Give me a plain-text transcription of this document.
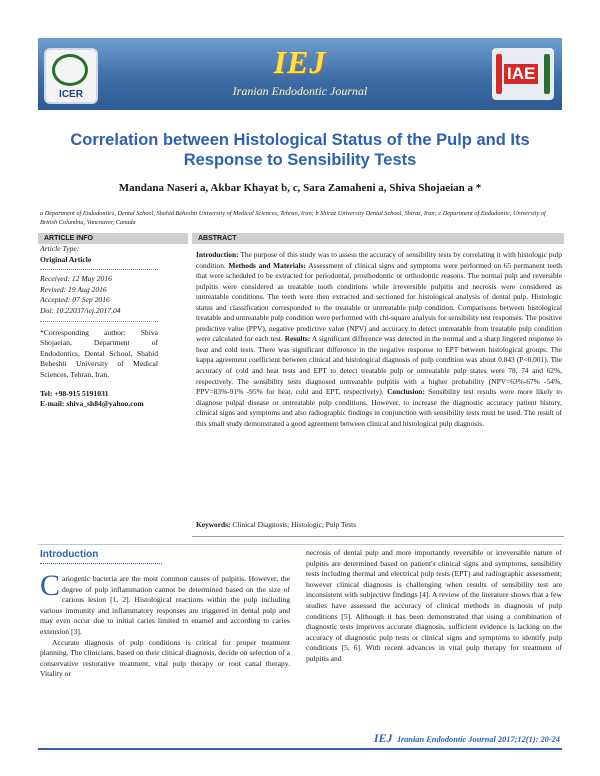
ICER
IEJ
Iranian Endodontic Journal
IAE
Correlation between Histological Status of the Pulp and Its Response to Sensibility Tests
Mandana Naseri a, Akbar Khayat b, c, Sara Zamaheni a, Shiva Shojaeian a *
a Department of Endodontics, Dental School, Shahid Beheshti University of Medical Sciences, Tehran, Iran; b Shiraz University Dental School, Shiraz, Iran; c Department of Endodontic, University of British Columbia, Vancouver, Canada
ARTICLE INFO	ABSTRACT
Article Type:
Original Article
Received: 12 May 2016
Revised: 19 Aug 2016
Accepted: 07 Sep 2016
Doi: 10.22037/iej.2017.04
*Corresponding author: Shiva Shojaeian, Department of Endodontics, Dental School, Shahid Beheshti University of Medical Sciences, Tehran, Iran.
Tel: +98-915 5191031
E-mail: shiva_sh84@yahoo.com
Introduction: The purpose of this study was to assess the accuracy of sensibility tests by correlating it with histologic pulp condition. Methods and Materials: Assessment of clinical signs and symptoms were performed on 65 permanent teeth that were scheduled to be extracted for periodontal, prosthodontic or orthodontic reasons. The normal pulp and reversible pulpitis were considered as treatable tooth conditions while irreversible pulpitis and necrosis were considered as untreatable conditions. The teeth were then extracted and sectioned for histological analysis of dental pulp. Histologic status and classification corresponded to the treatable or untreatable pulp condition. Comparisons between histological treatable and untreatable pulp condition were performed with chi-square analysis for sensibility test responses. The positive predictive value (PPV), negative predictive value (NPV) and accuracy to detect untreatable from treatable pulp condition were calculated for each test. Results: A significant difference was detected in the normal and a sharp lingered response to heat and cold tests. There was significant difference in the negative response to EPT between histological groups. The kappa agreement coefficient between clinical and histological diagnosis of pulp condition was about 0.843 (P<0.001). The accuracy of cold and heat tests and EPT to detect treatable pulp or untreatable pulp states were 78, 74 and 62%, respectively. The sensibility tests diagnosed untreatable pulpitis with a higher probability (NPV=63%-67% -54%, PPV=83%-91% -95% for heat, cold and EPT, respectively). Conclusion: Sensibility test results were more likely to diagnose pulpal disease or untreatable pulp conditions. However, to increase the diagnostic accuracy patient history, clinical signs and symptoms and also radiographic findings in conjunction with sensibility tests must be used. The result of this small study demonstrated a good agreement between clinical and histological pulp diagnosis.
Keywords: Clinical Diagnosis; Histologic; Pulp Tests
Introduction

Cariogenic bacteria are the most common causes of pulpitis. However, the degree of pulp inflammation cannot be determined based on the size of carious lesion [1, 2]. Histological reactions within the pulp including various immunity and inflammatory responses are triggered in dental pulp and may even occur due to initial caries limited to enamel and according to caries extension [3].

Accurate diagnosis of pulp conditions is critical for proper treatment planning. The clinicians, based on their clinical diagnosis, decide on selection of a conservative restorative treatment, vital pulp therapy or root canal therapy. Vitality or

necrosis of dental pulp and more importantly reversible or irreversible nature of pulpitis are determined based on patient's clinical signs and symptoms, sensibility tests including thermal and electrical pulp tests (EPT) and radiographic assessment; however clinical diagnosis is challenging when results of sensibility test are inconsistent with subjective findings [4]. A review of the literature shows that a few studies have assessed the accuracy of clinical methods in diagnosis of pulp conditions [5]. Although it has been demonstrated that using a combination of diagnostic tests improves accurate diagnosis, sufficient evidence is lacking on the accuracy of diagnostic pulp tests or clinical signs and symptoms to identify pulp conditions [5, 6]. With recent advances in vital pulp therapy for treatment of pulpitis and
IEJ Iranian Endodontic Journal 2017;12(1): 20-24
